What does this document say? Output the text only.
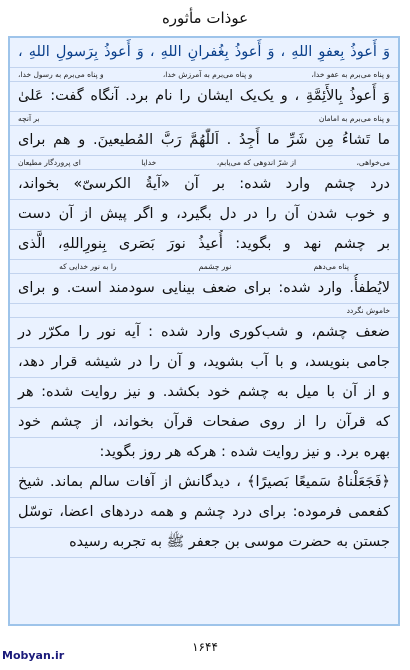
عوذات مأثوره
وَ أَعوذُ بِعفوِ اللهِ ، وَ أَعوذُ بِغُفرانِ اللهِ ، وَ أَعوذُ بِرَسولِ اللهِ ،
و پناه می‌برم به عفو خدا،
و پناه می‌برم به آمرزش خدا،
و پناه می‌برم به رسول خدا،
وَ أَعوذُ بِالأَئِمَّةِ ، و یک‌یک ایشان را نام برد. آنگاه گفت: عَلیٰ
و پناه می‌برم به امامان
بر آنچه
ما تَشاءُ مِن شَرِّ ما أَجِدُ . اَللّٰهُمَّ رَبَّ المُطیعینَ. و هم برای
می‌خواهی،
از شرّ اندوهی که می‌یابم،
خدایا
ای پروردگار مطیعان
درد چشم وارد شده: بر آن «آیةُ الکرسیّ» بخواند،
و خوب شدن آن را در دل بگیرد، و اگر پیش از آن دست
بر چشم نهد و بگوید: أُعیذُ نورَ بَصَری بِنورِاللهِ، الَّذی
پناه می‌دهم
نور چشمم
را به نور خدایی که
لایُطفأُ. وارد شده: برای ضعف بینایی سودمند است. و برای
خاموش نگردد
ضعف چشم، و شب‌کوری وارد شده : آیه نور را مکرّر در
جامی بنویسد، و با آب بشوید، و آن را در شیشه قرار دهد،
و از آن با میل به چشم خود بکشد. و نیز روایت شده: هر
که قرآن را از روی صفحات قرآن بخواند، از چشم خود
بهره برد. و نیز روایت شده : هرکه هر روز بگوید:
﴿فَجَعَلْناهُ سَمیعًا بَصیرًا﴾ ، دیدگانش از آفات سالم بماند. شیخ
کفعمی فرموده: برای درد چشم و همه دردهای اعضا، توسّل
جستن به حضرت موسی بن جعفر ﷺ به تجربه رسیده
۱۶۴۴
Mobyan.ir
